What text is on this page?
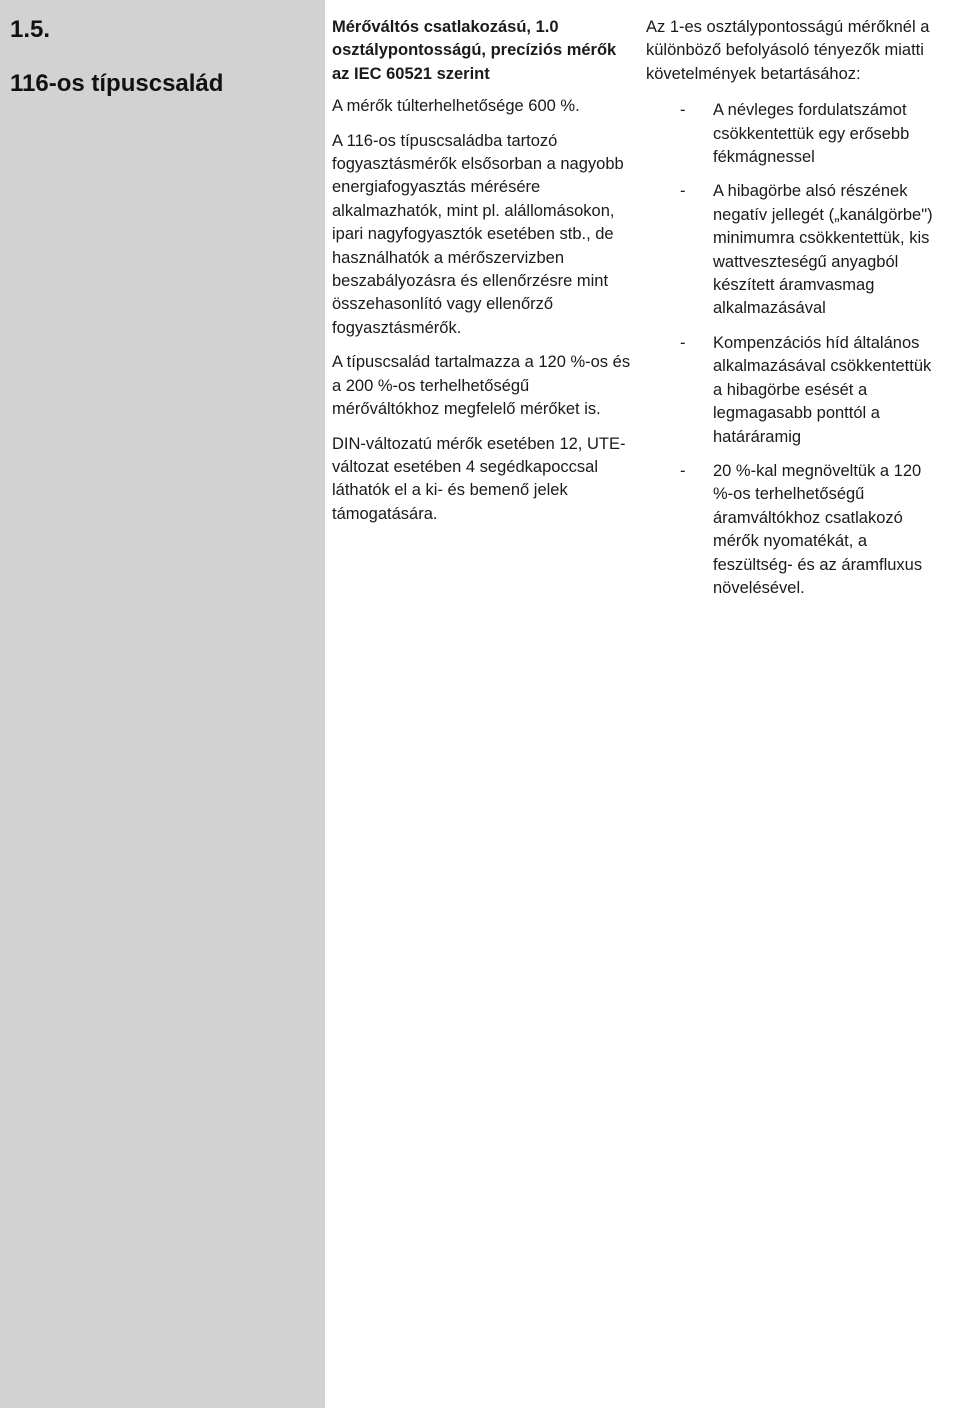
1.5.
116-os típuscsalád
Mérőváltós csatlakozású, 1.0 osztálypontosságú, precíziós mérők az IEC 60521 szerint

A mérők túlterhelhetősége 600 %.

A 116-os típuscsaládba tartozó fogyasztásmérők elsősorban a nagyobb energiafogyasztás mérésére alkalmazhatók, mint pl. alállomásokon, ipari nagyfogyasztók esetében stb., de használhatók a mérőszervizben beszabályozásra és ellenőrzésre mint összehasonlító vagy ellenőrző fogyasztásmérők.

A típuscsalád tartalmazza a 120 %-os és a 200 %-os terhelhetőségű mérőváltókhoz megfelelő mérőket is.

DIN-változatú mérők esetében 12, UTE-változat esetében 4 segédkapoccsal láthatók el a ki- és bemenő jelek támogatására.

Az 1-es osztálypontosságú mérőknél a különböző befolyásoló tényezők miatti követelmények betartásához:

- A névleges fordulatszámot csökkentettük egy erősebb fékmágnessel
- A hibagörbe alsó részének negatív jellegét („kanálgörbe") minimumra csökkentettük, kis wattveszteségű anyagból készített áramvasmag alkalmazásával
- Kompenzációs híd általános alkalmazásával csökkentettük a hibagörbe esését a legmagasabb ponttól a határáramig
- 20 %-kal megnöveltük a 120 %-os terhelhetőségű áramváltókhoz csatlakozó mérők nyomatékát, a feszültség- és az áramfluxus növelésével.
